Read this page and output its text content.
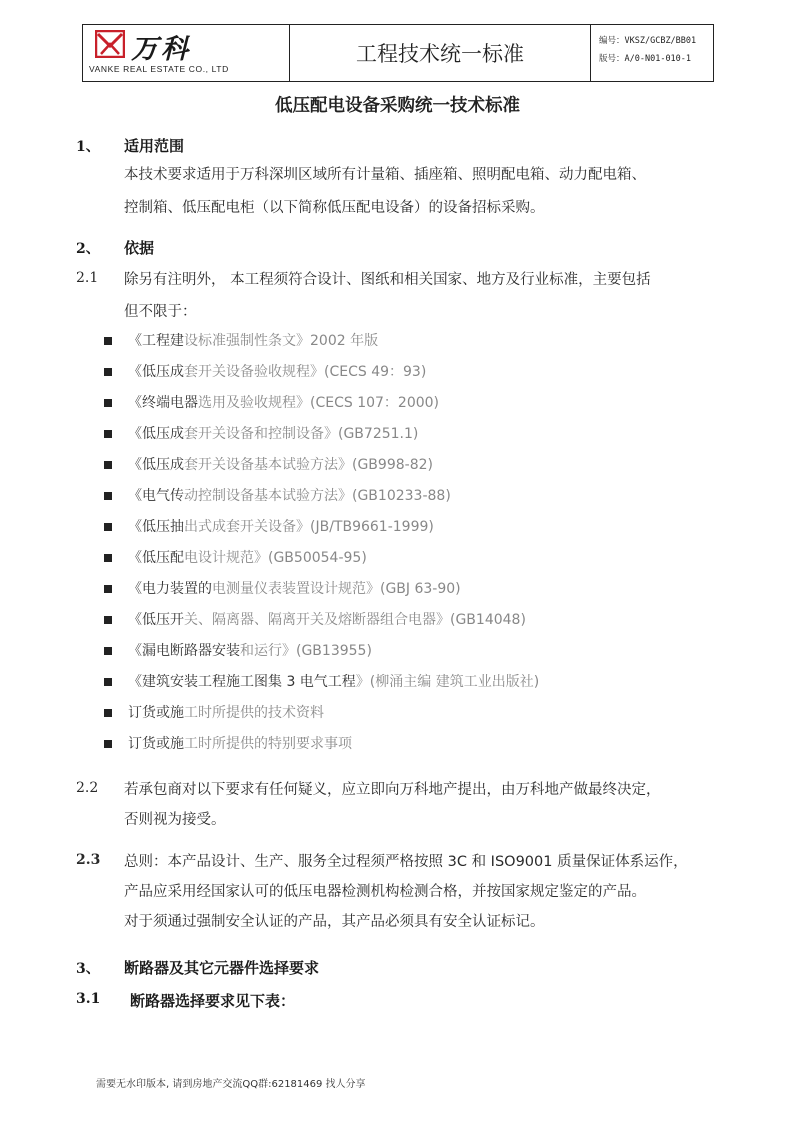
万科
VANKE REAL ESTATE CO., LTD
工程技术统一标准
编号：VKSZ/GCBZ/BB01
版号：A/0-N01-010-1
低压配电设备采购统一技术标准
1、 适用范围
本技术要求适用于万科深圳区域所有计量箱、插座箱、照明配电箱、动力配电箱、
控制箱、低压配电柜（以下简称低压配电设备）的设备招标采购。
2、 依据
2.1 除另有注明外， 本工程须符合设计、图纸和相关国家、地方及行业标准，主要包括
但不限于：
《工程建设标准强制性条文》2002 年版
《低压成套开关设备验收规程》(CECS 49：93)
《终端电器选用及验收规程》(CECS 107：2000)
《低压成套开关设备和控制设备》(GB7251.1)
《低压成套开关设备基本试验方法》(GB998-82)
《电气传动控制设备基本试验方法》(GB10233-88)
《低压抽出式成套开关设备》(JB/TB9661-1999)
《低压配电设计规范》(GB50054-95)
《电力装置的电测量仪表装置设计规范》(GBJ 63-90)
《低压开关、隔离器、隔离开关及熔断器组合电器》(GB14048)
《漏电断路器安装和运行》(GB13955)
《建筑安装工程施工图集 3 电气工程》(柳涌主编 建筑工业出版社)
订货或施工时所提供的技术资料
订货或施工时所提供的特别要求事项
2.2 若承包商对以下要求有任何疑义，应立即向万科地产提出，由万科地产做最终决定，
否则视为接受。
2.3 总则：本产品设计、生产、服务全过程须严格按照 3C 和 ISO9001 质量保证体系运作，
产品应采用经国家认可的低压电器检测机构检测合格，并按国家规定鉴定的产品。
对于须通过强制安全认证的产品，其产品必须具有安全认证标记。
3、 断路器及其它元器件选择要求
3.1 断路器选择要求见下表：
需要无水印版本, 请到房地产交流QQ群:62181469 找人分享
